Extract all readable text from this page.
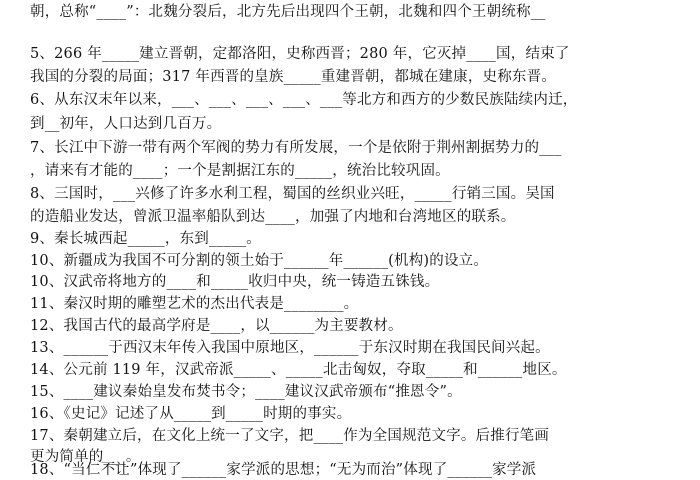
朝，总称“____”：北魏分裂后，北方先后出现四个王朝，北魏和四个王朝统称__
5、266 年_____建立晋朝，定都洛阳，史称西晋；280 年，它灭掉____国，结束了
我国的分裂的局面；317 年西晋的皇族_____重建晋朝，都城在建康，史称东晋。
6、从东汉末年以来，___、___、___、___、___等北方和西方的少数民族陆续内迁，
到__初年，人口达到几百万。
7、长江中下游一带有两个军阀的势力有所发展，一个是依附于荆州割据势力的___
，请来有才能的____；一个是割据江东的_____，统治比较巩固。
8、三国时，___兴修了许多水利工程，蜀国的丝织业兴旺，_____行销三国。吴国
的造船业发达，曾派卫温率船队到达____，加强了内地和台湾地区的联系。
9、秦长城西起_____，东到_____。
10、新疆成为我国不可分割的领土始于______年______(机构)的设立。
10、汉武帝将地方的____和_____收归中央，统一铸造五铢钱。
11、秦汉时期的雕塑艺术的杰出代表是________。
12、我国古代的最高学府是____，以______为主要教材。
13、______于西汉末年传入我国中原地区，______于东汉时期在我国民间兴起。
14、公元前 119 年，汉武帝派_____、_____北击匈奴，夺取_____和______地区。
15、____建议秦始皇发布焚书令；____建议汉武帝颁布“推恩令”。
16、《史记》记述了从_____到_____时期的事实。
17、秦朝建立后，在文化上统一了文字，把____作为全国规范文字。后推行笔画
更为简单的___。
18、“当仁不让”体现了______家学派的思想；“无为而治”体现了______家学派
